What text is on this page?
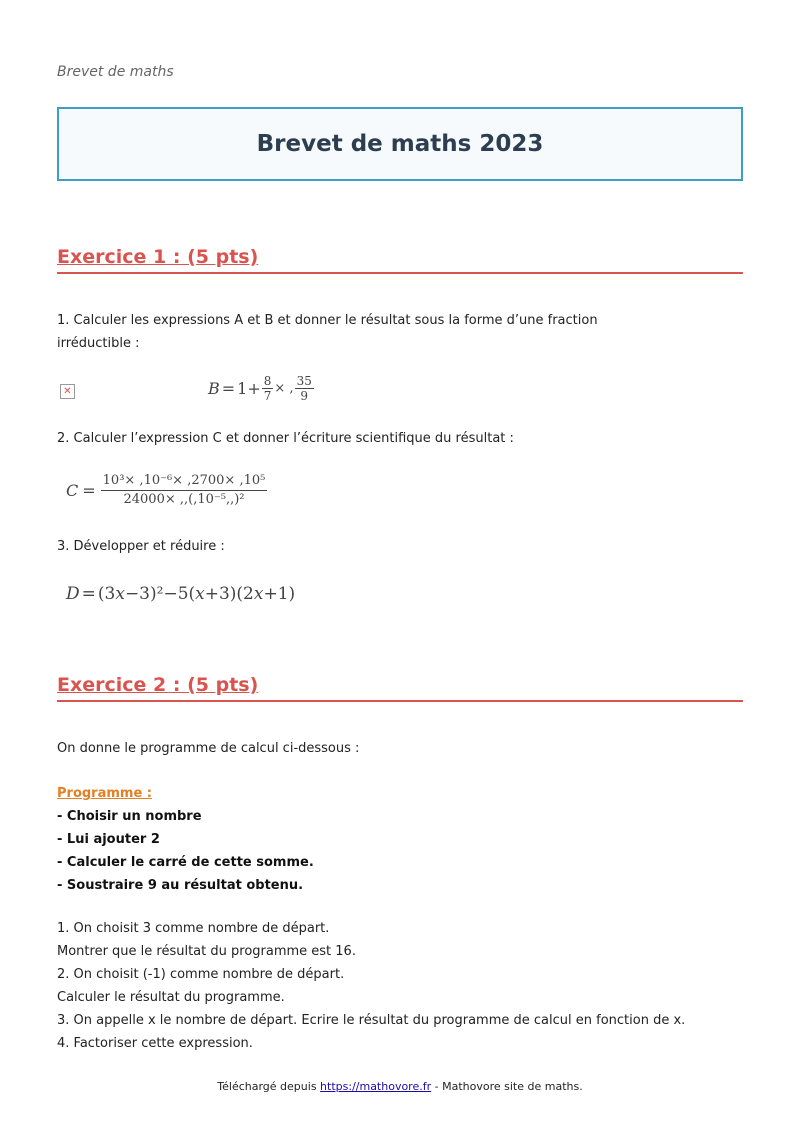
Brevet de maths
Brevet de maths 2023
Exercice 1 : (5 pts)
1. Calculer les expressions A et B et donner le résultat sous la forme d’une fraction
irréductible :
✕	$B = 1 + \frac{8}{7}$ × , $\frac{35}{9}$
2. Calculer l’expression C et donner l’écriture scientifique du résultat :
$C = \frac{\text{10³× ,10⁻⁶× ,2700× ,10⁵}}{\text{24000× ,,(,10⁻⁵,,)²}}$
3. Développer et réduire :
D = (3 x −3)²−5( x +3)(2 x +1)
Exercice 2 : (5 pts)
On donne le programme de calcul ci-dessous :
Programme :
- Choisir un nombre
- Lui ajouter 2
- Calculer le carré de cette somme.
- Soustraire 9 au résultat obtenu.
1. On choisit 3 comme nombre de départ.
Montrer que le résultat du programme est 16.
2. On choisit (-1) comme nombre de départ.
Calculer le résultat du programme.
3. On appelle x le nombre de départ. Ecrire le résultat du programme de calcul en fonction de x.
4. Factoriser cette expression.
Téléchargé depuis https://mathovore.fr - Mathovore site de maths.
